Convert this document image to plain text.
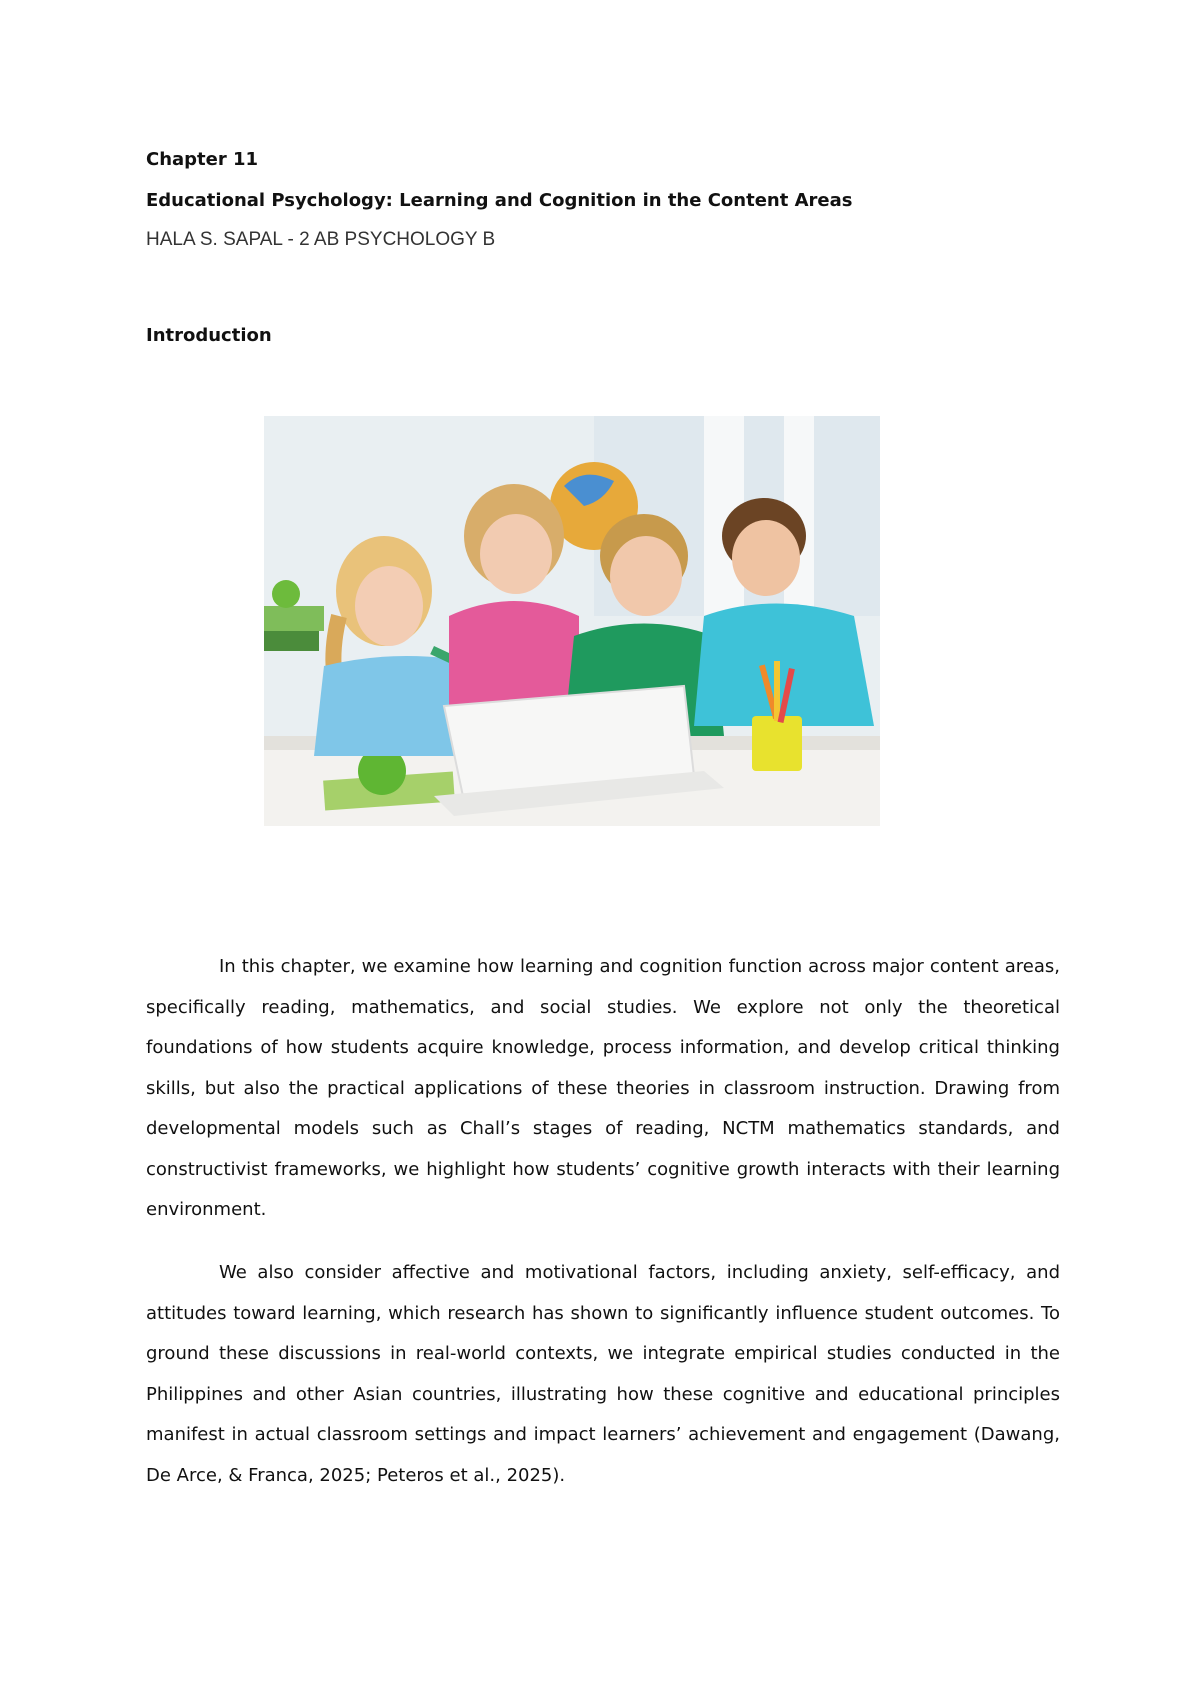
Chapter 11
Educational Psychology: Learning and Cognition in the Content Areas
HALA S. SAPAL - 2 AB PSYCHOLOGY B
Introduction

In this chapter, we examine how learning and cognition function across major content areas, specifically reading, mathematics, and social studies. We explore not only the theoretical foundations of how students acquire knowledge, process information, and develop critical thinking skills, but also the practical applications of these theories in classroom instruction. Drawing from developmental models such as Chall’s stages of reading, NCTM mathematics standards, and constructivist frameworks, we highlight how students’ cognitive growth interacts with their learning environment.

We also consider affective and motivational factors, including anxiety, self-efficacy, and attitudes toward learning, which research has shown to significantly influence student outcomes. To ground these discussions in real-world contexts, we integrate empirical studies conducted in the Philippines and other Asian countries, illustrating how these cognitive and educational principles manifest in actual classroom settings and impact learners’ achievement and engagement (Dawang, De Arce, & Franca, 2025; Peteros et al., 2025).
